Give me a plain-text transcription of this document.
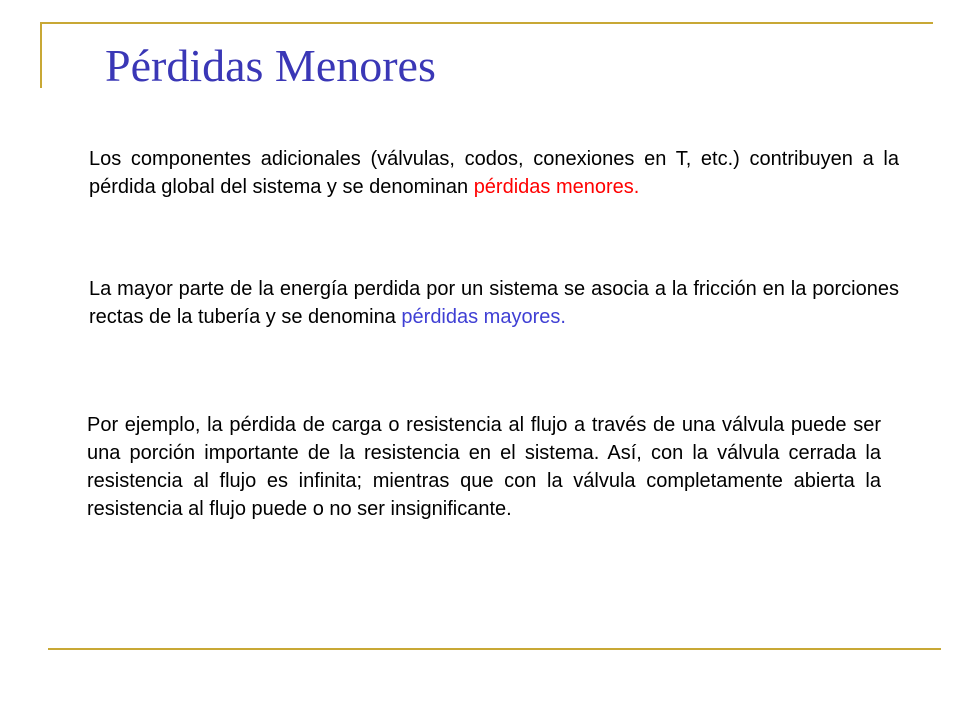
Pérdidas Menores

Los componentes adicionales (válvulas, codos, conexiones en T, etc.) contribuyen a la pérdida global del sistema y se denominan pérdidas menores.

La mayor parte de la energía perdida por un sistema se asocia a la fricción en la porciones rectas de la tubería y se denomina pérdidas mayores.

Por ejemplo, la pérdida de carga o resistencia al flujo a través de una válvula puede ser una porción importante de la resistencia en el sistema. Así, con la válvula cerrada la resistencia al flujo es infinita; mientras que con la válvula completamente abierta la resistencia al flujo puede o no ser insignificante.
